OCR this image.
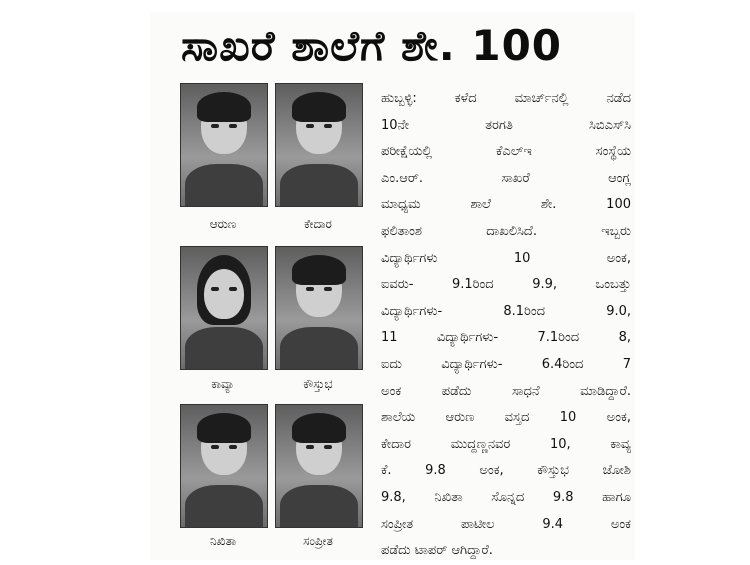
ಸಾಖರೆ ಶಾಲೆಗೆ ಶೇ. 100
ಆರುಣ	ಕೇದಾರ
ಕಾವ್ಯಾ	ಕೌಸ್ತುಭ
ನಿಖಿತಾ	ಸಂಪ್ರೀತ
ಹುಬ್ಬಳ್ಳಿ: ಕಳೆದ ಮಾರ್ಚ್‌ನಲ್ಲಿ ನಡೆದ
10ನೇ ತರಗತಿ ಸಿಬಿಎಸ್‌ಸಿ
ಪರೀಕ್ಷೆಯಲ್ಲಿ ಕೆಎಲ್‌ಇ ಸಂಸ್ಥೆಯ
ಎಂ.ಆರ್. ಸಾಖರೆ ಆಂಗ್ಲ
ಮಾಧ್ಯಮ ಶಾಲೆ ಶೇ. 100
ಫಲಿತಾಂಶ ದಾಖಲಿಸಿದೆ. ಇಬ್ಬರು
ವಿದ್ಯಾರ್ಥಿಗಳು 10 ಅಂಕ,
ಐವರು- 9.1ರಿಂದ 9.9, ಒಂಬತ್ತು
ವಿದ್ಯಾರ್ಥಿಗಳು- 8.1ರಿಂದ 9.0,
11 ವಿದ್ಯಾರ್ಥಿಗಳು- 7.1ರಿಂದ 8,
ಐದು ವಿದ್ಯಾರ್ಥಿಗಳು- 6.4ರಿಂದ 7
ಅಂಕ ಪಡೆದು ಸಾಧನೆ ಮಾಡಿದ್ದಾರೆ.
ಶಾಲೆಯ ಆರುಣ ವಸ್ತದ 10 ಅಂಕ,
ಕೇದಾರ ಮುದ್ದಣ್ಣನವರ 10, ಕಾವ್ಯ
ಕೆ. 9.8 ಅಂಕ, ಕೌಸ್ತುಭ ಜೋಶಿ
9.8, ನಿಖಿತಾ ಸೊನ್ನದ 9.8 ಹಾಗೂ
ಸಂಪ್ರೀತ ಪಾಟೀಲ 9.4 ಅಂಕ
ಪಡೆದು ಟಾಪರ್ ಆಗಿದ್ದಾರೆ.
